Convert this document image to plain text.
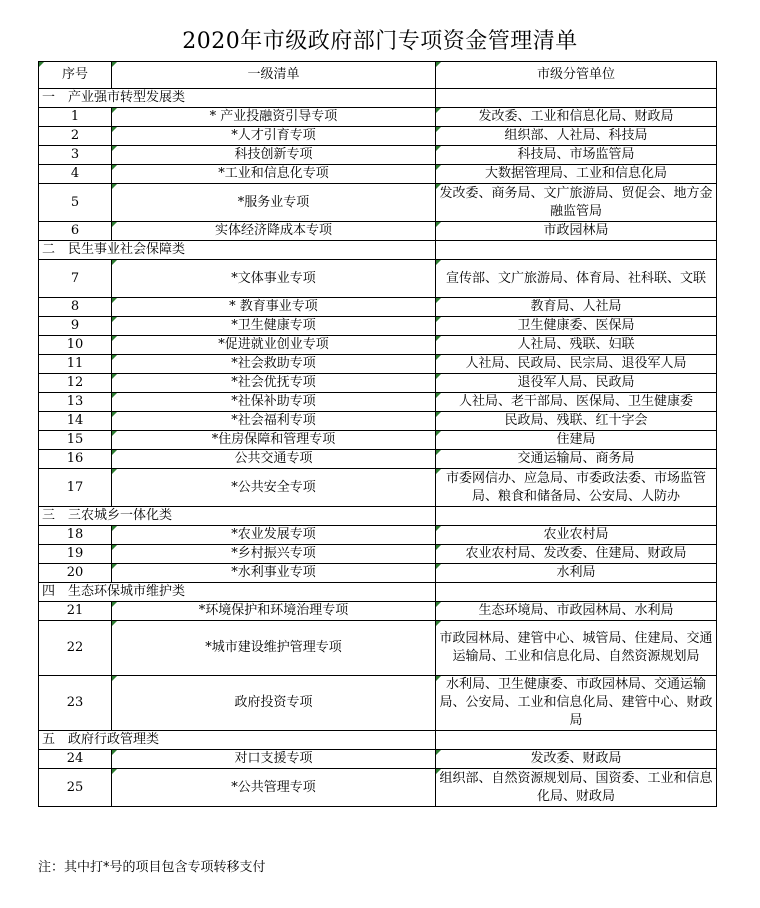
2020年市级政府部门专项资金管理清单
序号	一级清单	市级分管单位
一 产业强市转型发展类		
1	* 产业投融资引导专项	发改委、工业和信息化局、财政局
2	*人才引育专项	组织部、人社局、科技局
3	科技创新专项	科技局、市场监管局
4	*工业和信息化专项	大数据管理局、工业和信息化局
5	*服务业专项	发改委、商务局、文广旅游局、贸促会、地方金融监管局
6	实体经济降成本专项	市政园林局
二 民生事业社会保障类		
7	*文体事业专项	宣传部、文广旅游局、体育局、社科联、文联
8	* 教育事业专项	教育局、人社局
9	*卫生健康专项	卫生健康委、医保局
10	*促进就业创业专项	人社局、残联、妇联
11	*社会救助专项	人社局、民政局、民宗局、退役军人局
12	*社会优抚专项	退役军人局、民政局
13	*社保补助专项	人社局、老干部局、医保局、卫生健康委
14	*社会福利专项	民政局、残联、红十字会
15	*住房保障和管理专项	住建局
16	公共交通专项	交通运输局、商务局
17	*公共安全专项	市委网信办、应急局、市委政法委、市场监管局、粮食和储备局、公安局、人防办
三 三农城乡一体化类		
18	*农业发展专项	农业农村局
19	*乡村振兴专项	农业农村局、发改委、住建局、财政局
20	*水利事业专项	水利局
四 生态环保城市维护类		
21	*环境保护和环境治理专项	生态环境局、市政园林局、水利局
22	*城市建设维护管理专项	市政园林局、建管中心、城管局、住建局、交通运输局、工业和信息化局、自然资源规划局
23	政府投资专项	水利局、卫生健康委、市政园林局、交通运输局、公安局、工业和信息化局、建管中心、财政局
五 政府行政管理类		
24	对口支援专项	发改委、财政局
25	*公共管理专项	组织部、自然资源规划局、国资委、工业和信息化局、财政局
注：其中打*号的项目包含专项转移支付
